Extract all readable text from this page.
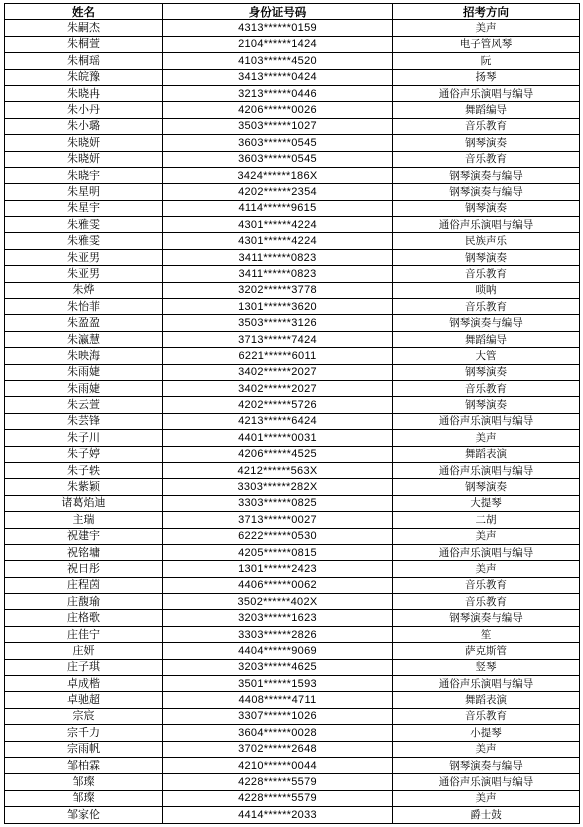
姓名	身份证号码	招考方向
朱嗣杰	4313******0159	美声
朱桐萱	2104******1424	电子管风琴
朱桐瑶	4103******4520	阮
朱皖豫	3413******0424	扬琴
朱晓冉	3213******0446	通俗声乐演唱与编导
朱小丹	4206******0026	舞蹈编导
朱小璐	3503******1027	音乐教育
朱晓妍	3603******0545	钢琴演奏
朱晓妍	3603******0545	音乐教育
朱晓宇	3424******186X	钢琴演奏与编导
朱星明	4202******2354	钢琴演奏与编导
朱星宇	4114******9615	钢琴演奏
朱雅雯	4301******4224	通俗声乐演唱与编导
朱雅雯	4301******4224	民族声乐
朱亚男	3411******0823	钢琴演奏
朱亚男	3411******0823	音乐教育
朱烨	3202******3778	唢呐
朱怡菲	1301******3620	音乐教育
朱盈盈	3503******3126	钢琴演奏与编导
朱瀛慧	3713******7424	舞蹈编导
朱映海	6221******6011	大管
朱雨婕	3402******2027	钢琴演奏
朱雨婕	3402******2027	音乐教育
朱云萱	4202******5726	钢琴演奏
朱芸锋	4213******6424	通俗声乐演唱与编导
朱子川	4401******0031	美声
朱子婷	4206******4525	舞蹈表演
朱子轶	4212******563X	通俗声乐演唱与编导
朱紫颖	3303******282X	钢琴演奏
诸葛焰迪	3303******0825	大提琴
主瑞	3713******0027	二胡
祝建宇	6222******0530	美声
祝铭墉	4205******0815	通俗声乐演唱与编导
祝日彤	1301******2423	美声
庄程茵	4406******0062	音乐教育
庄馥瑜	3502******402X	音乐教育
庄格歌	3203******1623	钢琴演奏与编导
庄佳宁	3303******2826	笙
庄妍	4404******9069	萨克斯管
庄子琪	3203******4625	竖琴
卓成楷	3501******1593	通俗声乐演唱与编导
卓驰超	4408******4711	舞蹈表演
宗宸	3307******1026	音乐教育
宗千力	3604******0028	小提琴
宗雨帆	3702******2648	美声
邹柏霖	4210******0044	钢琴演奏与编导
邹璨	4228******5579	通俗声乐演唱与编导
邹璨	4228******5579	美声
邹家伦	4414******2033	爵士鼓
